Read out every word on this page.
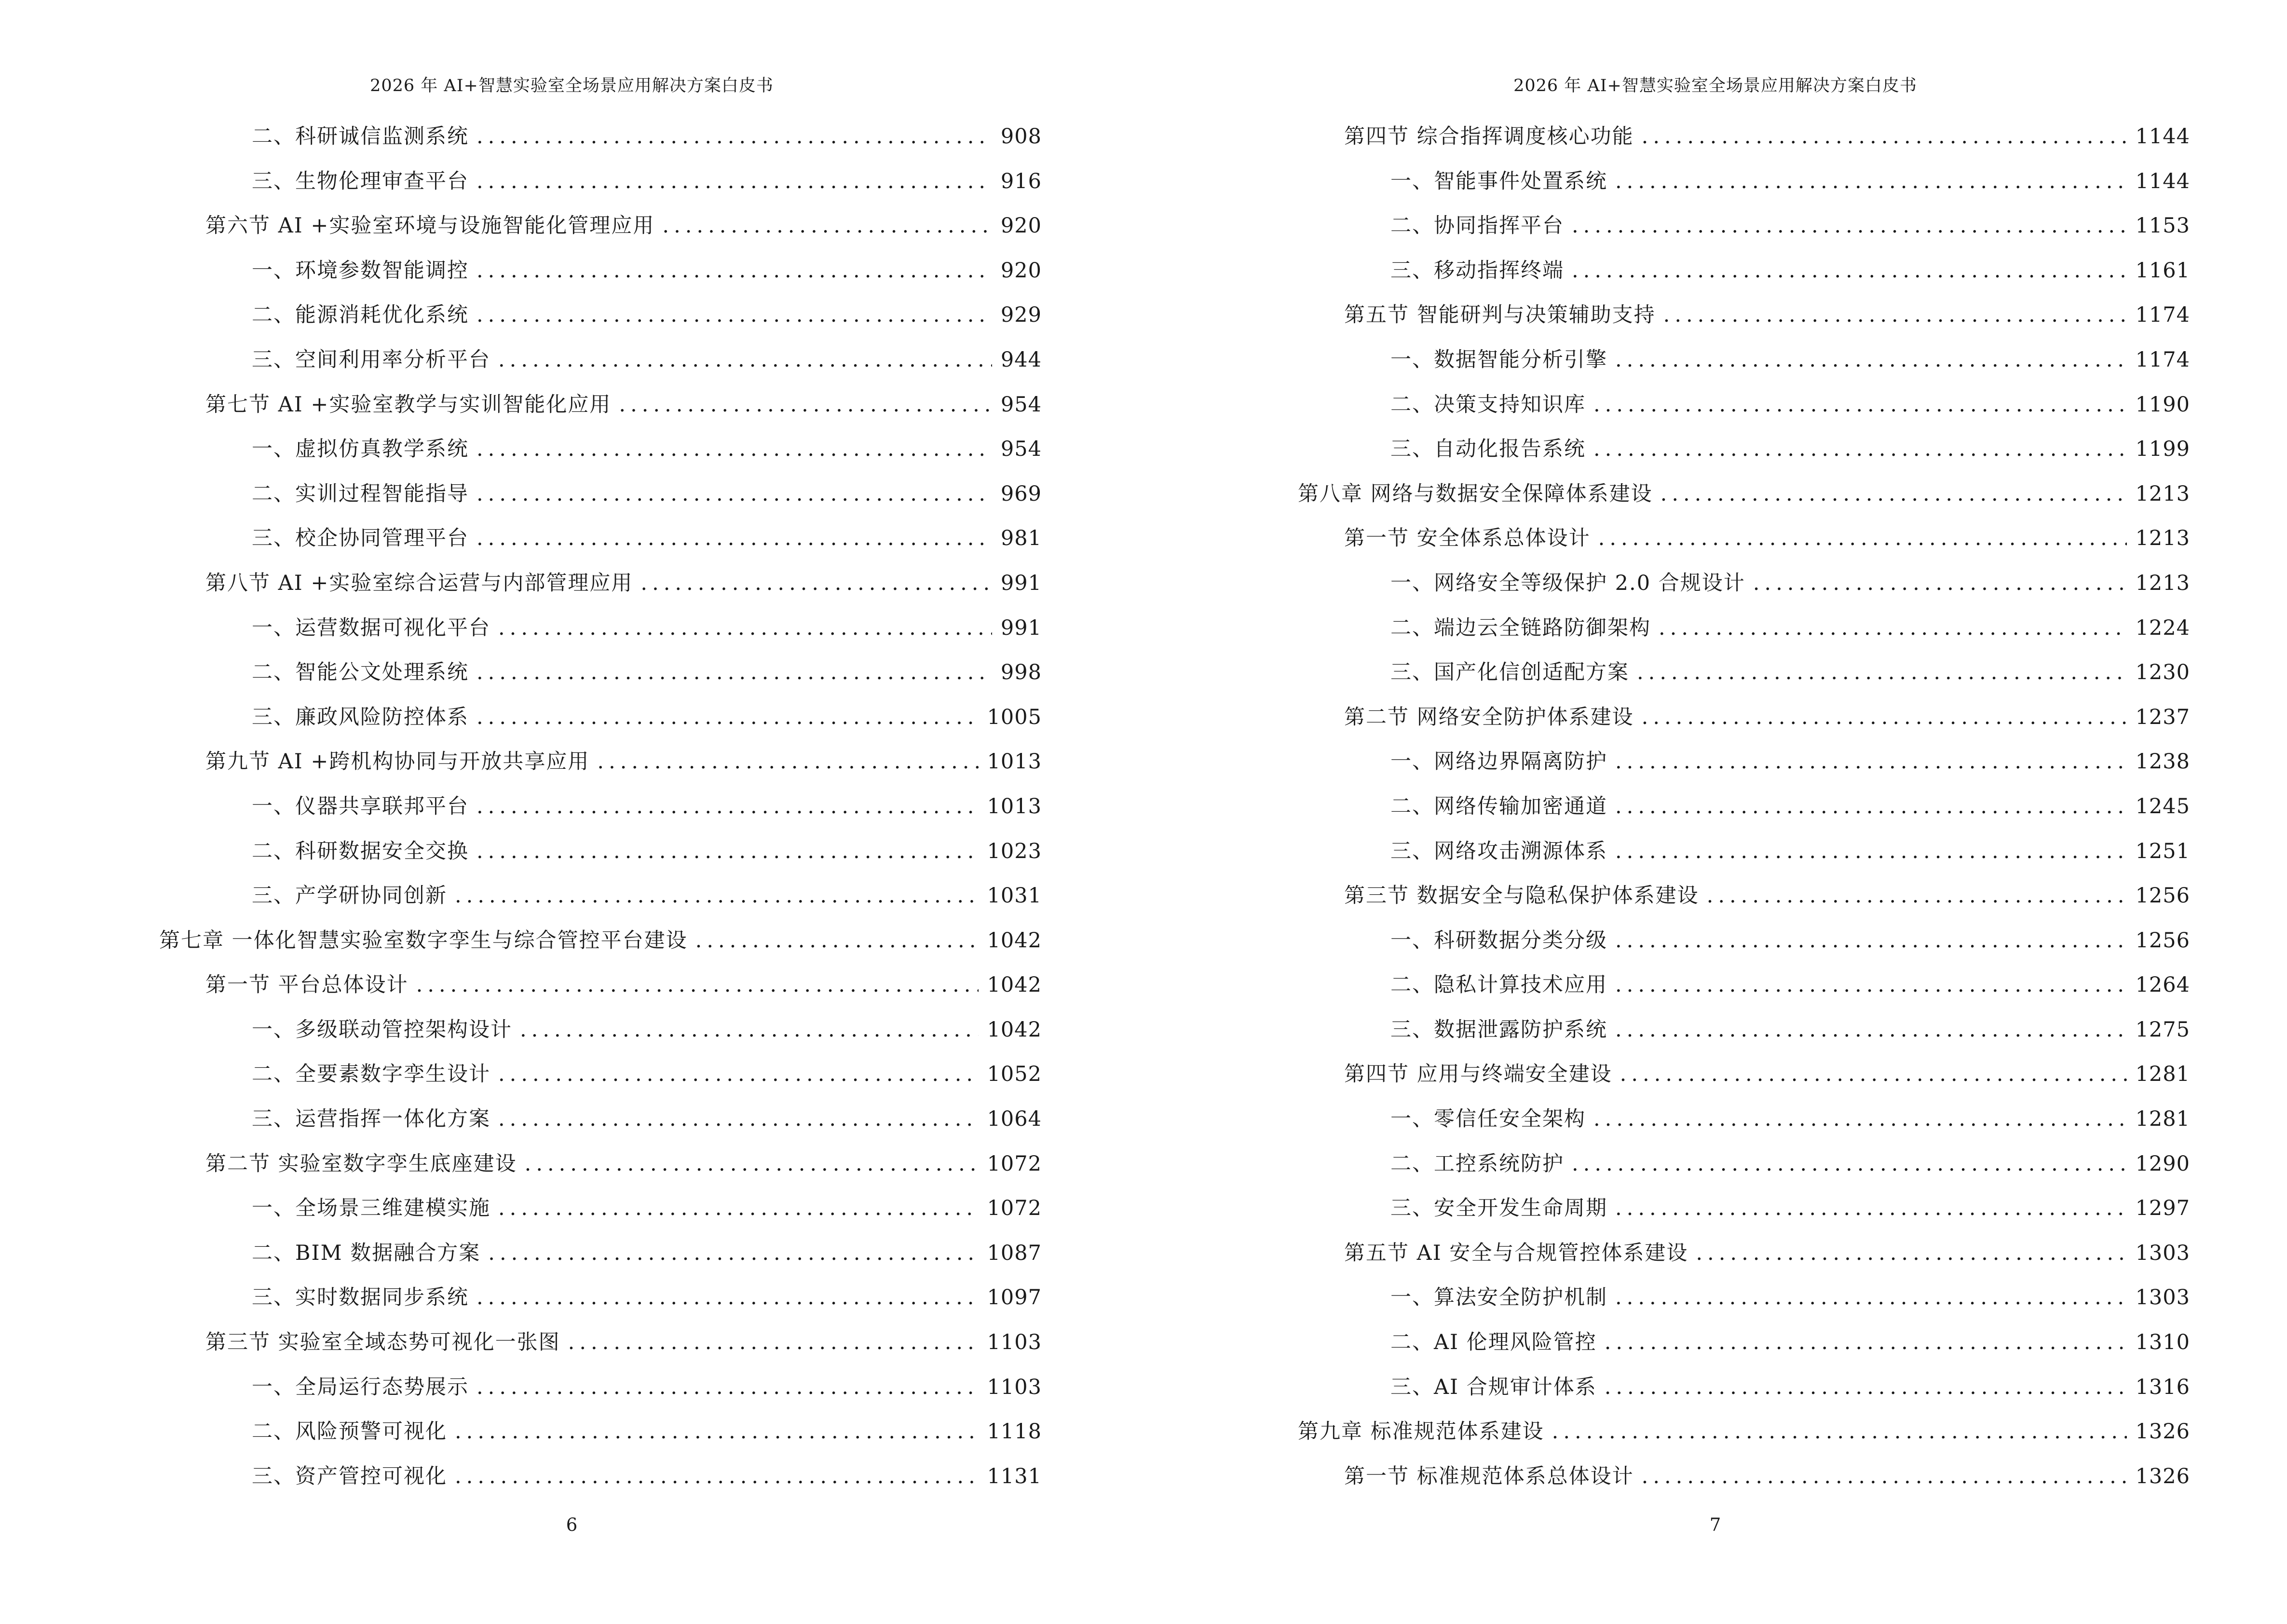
2026 年 AI+智慧实验室全场景应用解决方案白皮书
二、科研诚信监测系统 .....	908
三、生物伦理审查平台 .....	916
第六节 AI +实验室环境与设施智能化管理应用 .....	920
一、环境参数智能调控 .....	920
二、能源消耗优化系统 .....	929
三、空间利用率分析平台 .....	944
第七节 AI +实验室教学与实训智能化应用 .....	954
一、虚拟仿真教学系统 .....	954
二、实训过程智能指导 .....	969
三、校企协同管理平台 .....	981
第八节 AI +实验室综合运营与内部管理应用 .....	991
一、运营数据可视化平台 .....	991
二、智能公文处理系统 .....	998
三、廉政风险防控体系 .....	1005
第九节 AI +跨机构协同与开放共享应用 .....	1013
一、仪器共享联邦平台 .....	1013
二、科研数据安全交换 .....	1023
三、产学研协同创新 .....	1031
第七章 一体化智慧实验室数字孪生与综合管控平台建设 .....	1042
第一节 平台总体设计 .....	1042
一、多级联动管控架构设计 .....	1042
二、全要素数字孪生设计 .....	1052
三、运营指挥一体化方案 .....	1064
第二节 实验室数字孪生底座建设 .....	1072
一、全场景三维建模实施 .....	1072
二、BIM 数据融合方案 .....	1087
三、实时数据同步系统 .....	1097
第三节 实验室全域态势可视化一张图 .....	1103
一、全局运行态势展示 .....	1103
二、风险预警可视化 .....	1118
三、资产管控可视化 .....	1131
6
2026 年 AI+智慧实验室全场景应用解决方案白皮书
第四节 综合指挥调度核心功能 .....	1144
一、智能事件处置系统 .....	1144
二、协同指挥平台 .....	1153
三、移动指挥终端 .....	1161
第五节 智能研判与决策辅助支持 .....	1174
一、数据智能分析引擎 .....	1174
二、决策支持知识库 .....	1190
三、自动化报告系统 .....	1199
第八章 网络与数据安全保障体系建设 .....	1213
第一节 安全体系总体设计 .....	1213
一、网络安全等级保护 2.0 合规设计 .....	1213
二、端边云全链路防御架构 .....	1224
三、国产化信创适配方案 .....	1230
第二节 网络安全防护体系建设 .....	1237
一、网络边界隔离防护 .....	1238
二、网络传输加密通道 .....	1245
三、网络攻击溯源体系 .....	1251
第三节 数据安全与隐私保护体系建设 .....	1256
一、科研数据分类分级 .....	1256
二、隐私计算技术应用 .....	1264
三、数据泄露防护系统 .....	1275
第四节 应用与终端安全建设 .....	1281
一、零信任安全架构 .....	1281
二、工控系统防护 .....	1290
三、安全开发生命周期 .....	1297
第五节 AI 安全与合规管控体系建设 .....	1303
一、算法安全防护机制 .....	1303
二、AI 伦理风险管控 .....	1310
三、AI 合规审计体系 .....	1316
第九章 标准规范体系建设 .....	1326
第一节 标准规范体系总体设计 .....	1326
7
